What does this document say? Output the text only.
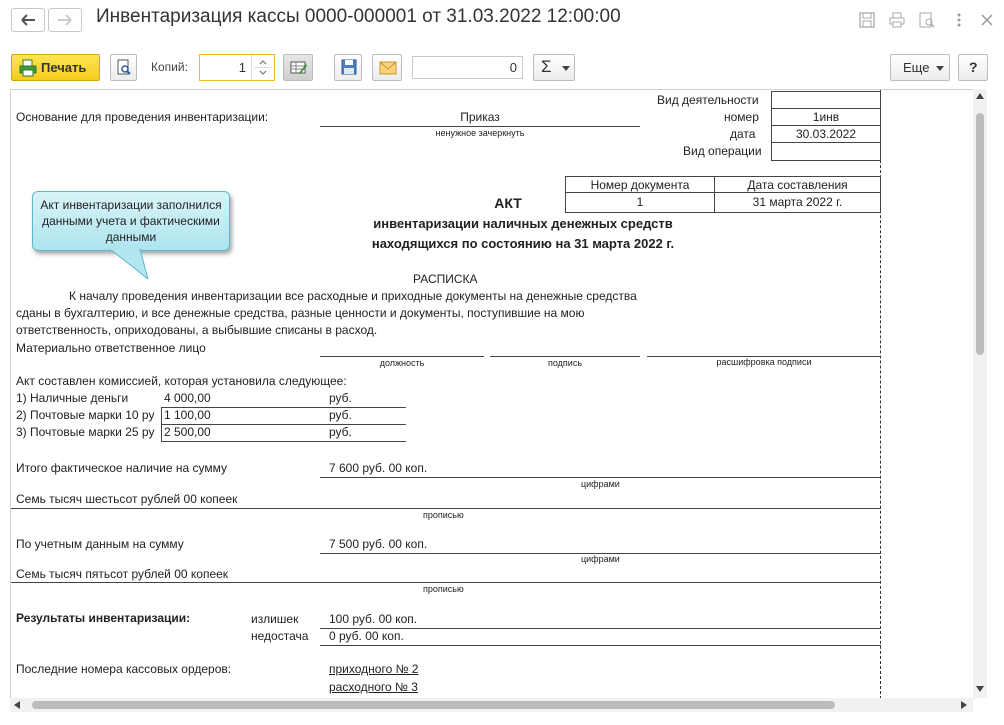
Инвентаризация кассы 0000-000001 от 31.03.2022 12:00:00
Печать	Копий:	1	0 Σ	Еще	?
Основание для проведения инвентаризации:	Приказ
ненужное зачеркнуть
Вид деятельности
номер
дата
Вид операции
1инв
30.03.2022
Номер документа	Дата составления
1	31 марта 2022 г.
АКТ
инвентаризации наличных денежных средств
находящихся по состоянию на 31 марта 2022 г.
РАСПИСКА
К началу проведения инвентаризации все расходные и приходные документы на денежные средства
сданы в бухгалтерию, и все денежные средства, разные ценности и документы, поступившие на мою
ответственность, оприходованы, а выбывшие списаны в расход.
Материально ответственное лицо
должность	подпись	расшифровка подписи
Акт составлен комиссией, которая установила следующее:
1) Наличные деньги	4 000,00	руб.
2) Почтовые марки 10 ру 1 100,00	руб.
3) Почтовые марки 25 ру 2 500,00	руб.
Итого фактическое наличие на сумму	7 600 руб. 00 коп.
цифрами
Семь тысяч шестьсот рублей 00 копеек
прописью
По учетным данным на сумму	7 500 руб. 00 коп.
цифрами
Семь тысяч пятьсот рублей 00 копеек
прописью
Результаты инвентаризации:	излишек	100 руб. 00 коп.
недостача 0 руб. 00 коп.
Последние номера кассовых ордеров:	приходного № 2
расходного № 3
Акт инвентаризации заполнился данными учета и фактическими данными
